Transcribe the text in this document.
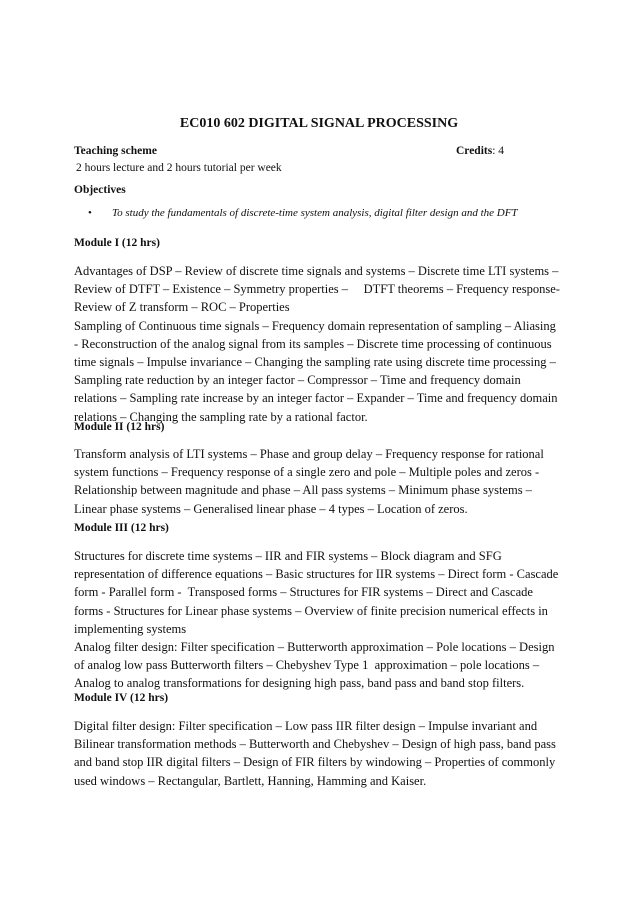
EC010 602 DIGITAL SIGNAL PROCESSING
Teaching scheme	Credits: 4
2 hours lecture and 2 hours tutorial per week
Objectives
• To study the fundamentals of discrete-time system analysis, digital filter design and the DFT
Module I (12 hrs)
Advantages of DSP – Review of discrete time signals and systems – Discrete time LTI systems –
Review of DTFT – Existence – Symmetry properties –     DTFT theorems – Frequency response-
Review of Z transform – ROC – Properties
Sampling of Continuous time signals – Frequency domain representation of sampling – Aliasing
- Reconstruction of the analog signal from its samples – Discrete time processing of continuous
time signals – Impulse invariance – Changing the sampling rate using discrete time processing –
Sampling rate reduction by an integer factor – Compressor – Time and frequency domain
relations – Sampling rate increase by an integer factor – Expander – Time and frequency domain
relations – Changing the sampling rate by a rational factor.
Module II (12 hrs)
Transform analysis of LTI systems – Phase and group delay – Frequency response for rational
system functions – Frequency response of a single zero and pole – Multiple poles and zeros -
Relationship between magnitude and phase – All pass systems – Minimum phase systems –
Linear phase systems – Generalised linear phase – 4 types – Location of zeros.
Module III (12 hrs)
Structures for discrete time systems – IIR and FIR systems – Block diagram and SFG
representation of difference equations – Basic structures for IIR systems – Direct form - Cascade
form - Parallel form -  Transposed forms – Structures for FIR systems – Direct and Cascade
forms - Structures for Linear phase systems – Overview of finite precision numerical effects in
implementing systems
Analog filter design: Filter specification – Butterworth approximation – Pole locations – Design
of analog low pass Butterworth filters – Chebyshev Type 1  approximation – pole locations –
Analog to analog transformations for designing high pass, band pass and band stop filters.
Module IV (12 hrs)
Digital filter design: Filter specification – Low pass IIR filter design – Impulse invariant and
Bilinear transformation methods – Butterworth and Chebyshev – Design of high pass, band pass
and band stop IIR digital filters – Design of FIR filters by windowing – Properties of commonly
used windows – Rectangular, Bartlett, Hanning, Hamming and Kaiser.
